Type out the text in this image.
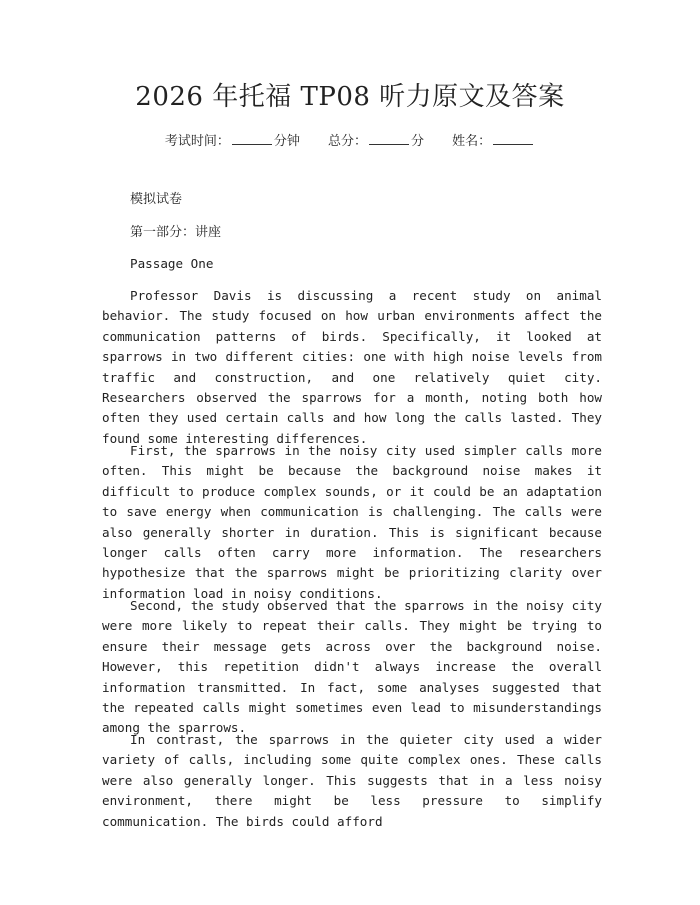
2026 年托福 TP08 听力原文及答案
考试时间：	分钟 总分：	分 姓名：
模拟试卷
第一部分：讲座
Passage One

Professor Davis is discussing a recent study on animal behavior. The study focused on how urban environments affect the communication patterns of birds. Specifically, it looked at sparrows in two different cities: one with high noise levels from traffic and construction, and one relatively quiet city. Researchers observed the sparrows for a month, noting both how often they used certain calls and how long the calls lasted. They found some interesting differences.

First, the sparrows in the noisy city used simpler calls more often. This might be because the background noise makes it difficult to produce complex sounds, or it could be an adaptation to save energy when communication is challenging. The calls were also generally shorter in duration. This is significant because longer calls often carry more information. The researchers hypothesize that the sparrows might be prioritizing clarity over information load in noisy conditions.

Second, the study observed that the sparrows in the noisy city were more likely to repeat their calls. They might be trying to ensure their message gets across over the background noise. However, this repetition didn't always increase the overall information transmitted. In fact, some analyses suggested that the repeated calls might sometimes even lead to misunderstandings among the sparrows.

In contrast, the sparrows in the quieter city used a wider variety of calls, including some quite complex ones. These calls were also generally longer. This suggests that in a less noisy environment, there might be less pressure to simplify communication. The birds could afford
